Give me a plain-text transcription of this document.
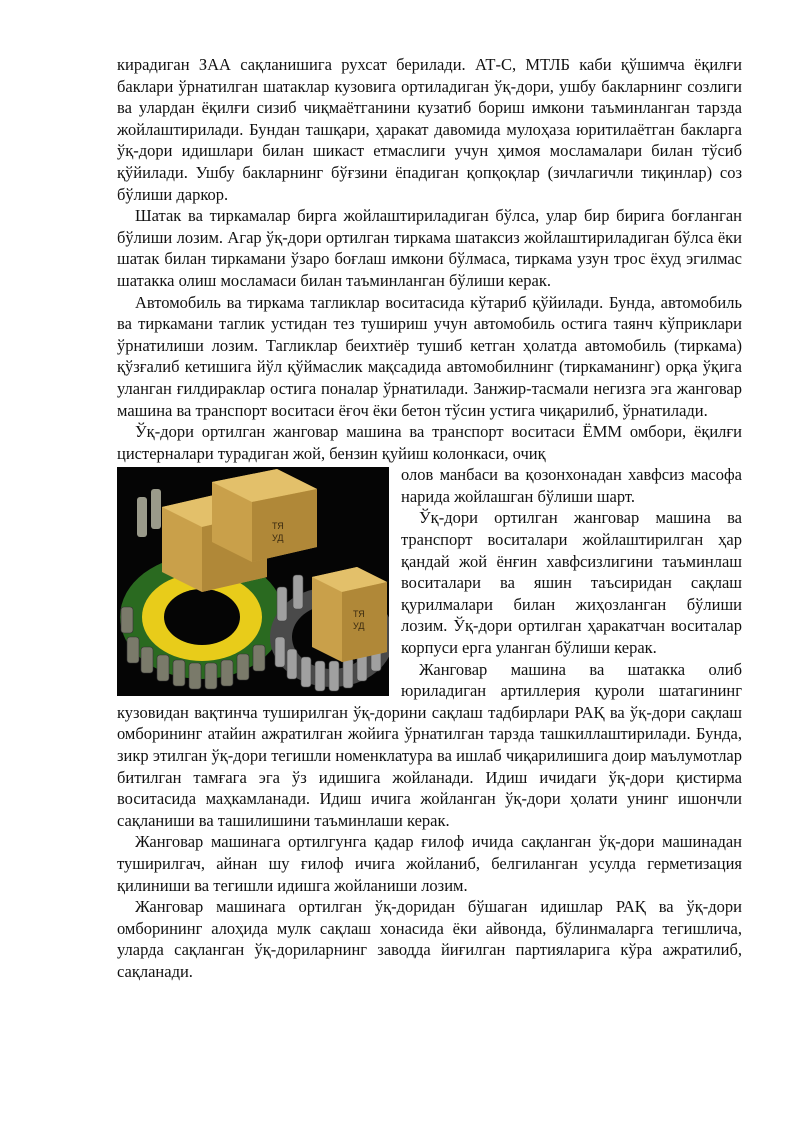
кирадиган ЗАА сақланишига рухсат берилади. АТ-С, МТЛБ каби қўшимча ёқилғи баклари ўрнатилган шатаклар кузовига ортиладиган ўқ-дори, ушбу бакларнинг созлиги ва улардан ёқилғи сизиб чиқмаётганини кузатиб бориш имкони таъминланган тарзда жойлаштирилади. Бундан ташқари, ҳаракат давомида мулоҳаза юритилаётган бакларга ўқ-дори идишлари билан шикаст етмаслиги учун ҳимоя мосламалари билан тўсиб қўйилади. Ушбу бакларнинг бўғзини ёпадиган қопқоқлар (зичлагичли тиқинлар) соз бўлиши даркор.

Шатак ва тиркамалар бирга жойлаштириладиган бўлса, улар бир бирига боғланган бўлиши лозим. Агар ўқ-дори ортилган тиркама шатаксиз жойлаштириладиган бўлса ёки шатак билан тиркамани ўзаро боғлаш имкони бўлмаса, тиркама узун трос ёхуд эгилмас шатакка олиш мосламаси билан таъминланган бўлиши керак.

Автомобиль ва тиркама тагликлар воситасида кўтариб қўйилади. Бунда, автомобиль ва тиркамани таглик устидан тез тушириш учун автомобиль остига таянч кўприклари ўрнатилиши лозим. Тагликлар беихтиёр тушиб кетган ҳолатда автомобиль (тиркама) қўзғалиб кетишига йўл қўймаслик мақсадида автомобилнинг (тиркаманинг) орқа ўқига уланган ғилдираклар остига поналар ўрнатилади. Занжир-тасмали негизга эга жанговар машина ва транспорт воситаси ёғоч ёки бетон тўсин устига чиқарилиб, ўрнатилади.

Ўқ-дори ортилган жанговар машина ва транспорт воситаси ЁММ омбори, ёқилғи цистерналари турадиган жой, бензин қуйиш колонкаси, очиқ

ТЯ
УД
ТЯ
УД

олов манбаси ва қозонхонадан хавфсиз масофа нарида жойлашган бўлиши шарт.

Ўқ-дори ортилган жанговар машина ва транспорт воситалари жойлаштирилган ҳар қандай жой ёнғин хавфсизлигини таъминлаш воситалари ва яшин таъсиридан сақлаш қурилмалари билан жиҳозланган бўлиши лозим. Ўқ-дори ортилган ҳаракатчан воситалар корпуси ерга уланган бўлиши керак.

Жанговар машина ва шатакка олиб юриладиган артиллерия қуроли шатагининг кузовидан вақтинча туширилган ўқ-дорини сақлаш тадбирлари РАҚ ва ўқ-дори сақлаш омборининг атайин ажратилган жойига ўрнатилган тарзда ташкиллаштирилади. Бунда, зикр этилган ўқ-дори тегишли номенклатура ва ишлаб чиқарилишига доир маълумотлар битилган тамғага эга ўз идишига жойланади. Идиш ичидаги ўқ-дори қистирма воситасида маҳкамланади. Идиш ичига жойланган ўқ-дори ҳолати унинг ишончли сақланиши ва ташилишини таъминлаши керак.

Жанговар машинага ортилгунга қадар ғилоф ичида сақланган ўқ-дори машинадан туширилгач, айнан шу ғилоф ичига жойланиб, белгиланган усулда герметизация қилиниши ва тегишли идишга жойланиши лозим.

Жанговар машинага ортилган ўқ-доридан бўшаган идишлар РАҚ ва ўқ-дори омборининг алоҳида мулк сақлаш хонасида ёки айвонда, бўлинмаларга тегишлича, уларда сақланган ўқ-дориларнинг заводда йиғилган партияларига кўра ажратилиб, сақланади.
